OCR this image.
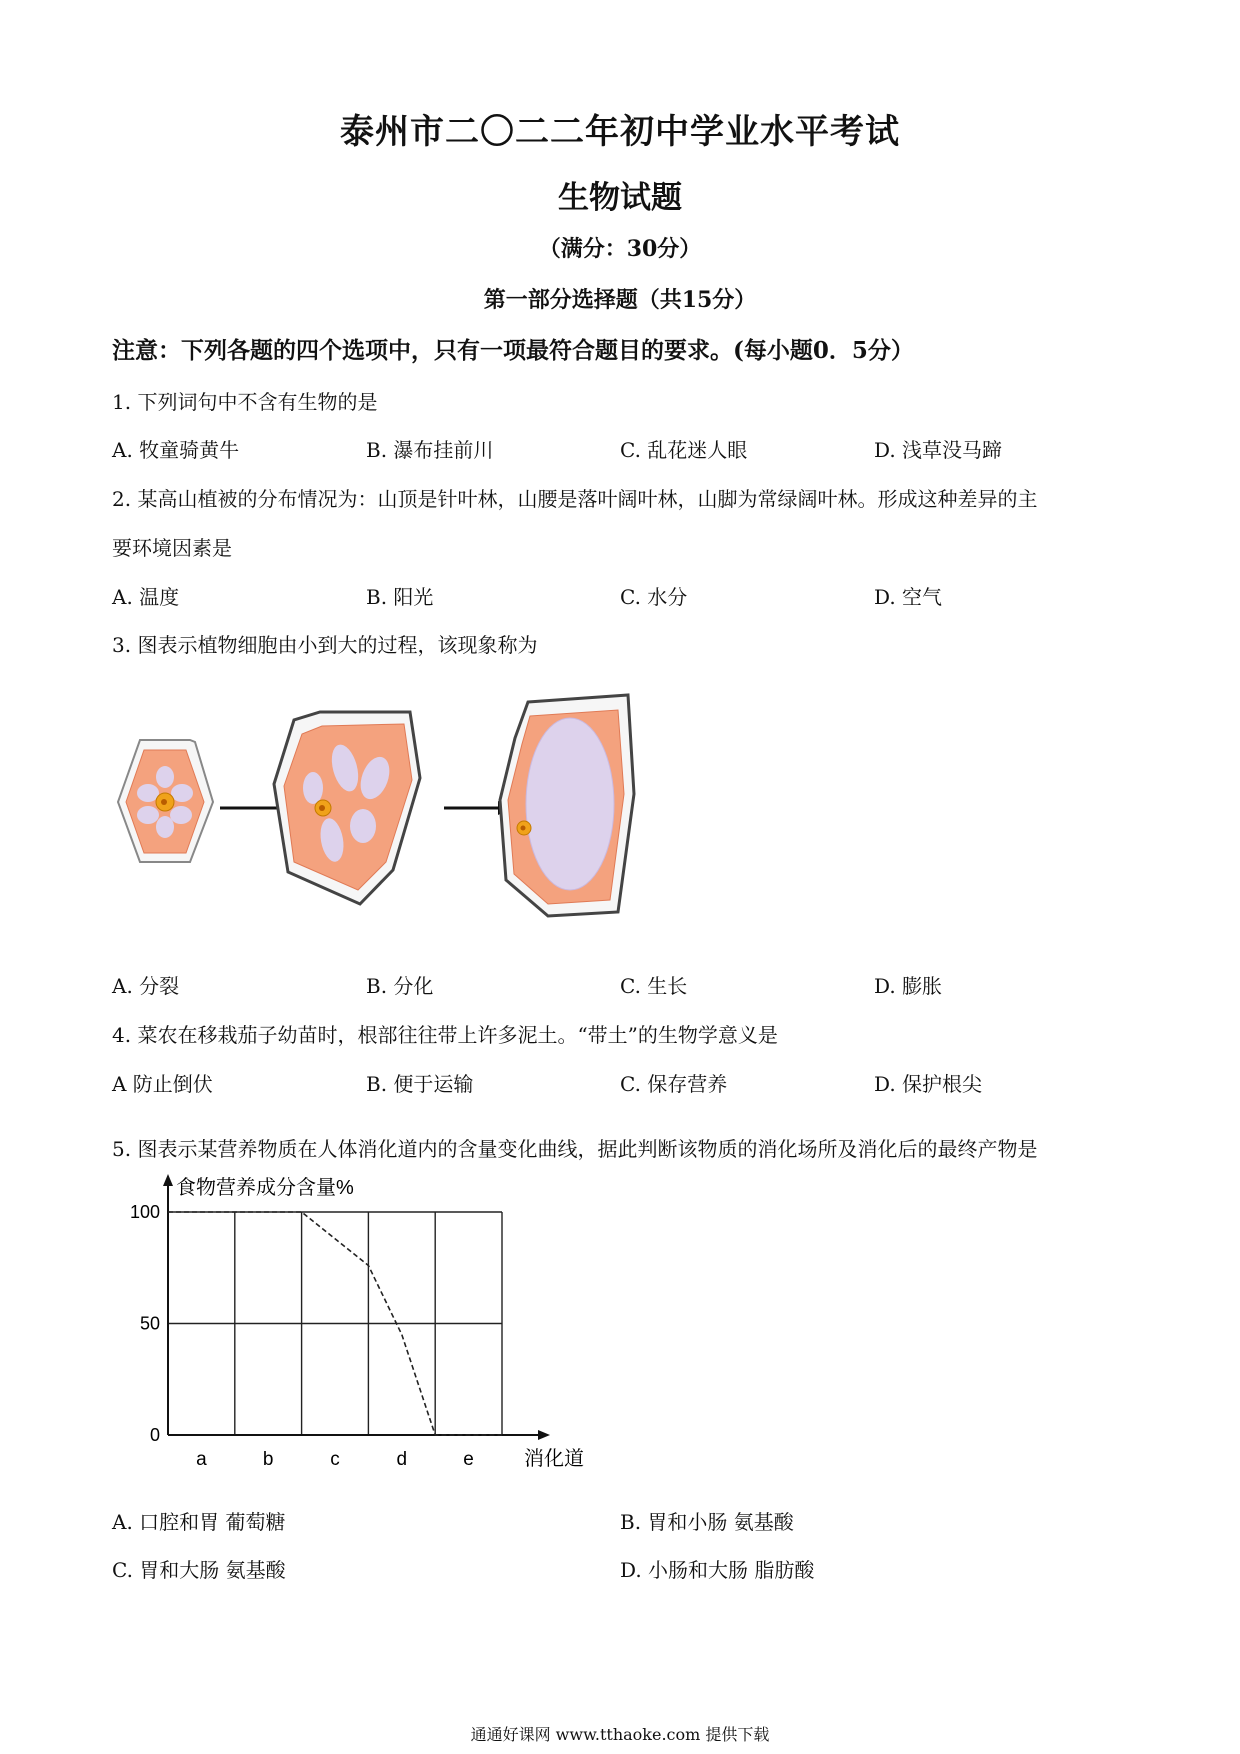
泰州市二〇二二年初中学业水平考试
生物试题
（满分：30分）
第一部分选择题（共15分）
注意：下列各题的四个选项中，只有一项最符合题目的要求。(每小题0．5分）
1. 下列词句中不含有生物的是
A. 牧童骑黄牛	B. 瀑布挂前川	C. 乱花迷人眼	D. 浅草没马蹄
2. 某高山植被的分布情况为：山顶是针叶林，山腰是落叶阔叶林，山脚为常绿阔叶林。形成这种差异的主
要环境因素是
A. 温度	B. 阳光	C. 水分	D. 空气
3. 图表示植物细胞由小到大的过程，该现象称为
A. 分裂	B. 分化	C. 生长	D. 膨胀
4. 菜农在移栽茄子幼苗时，根部往往带上许多泥土。“带土”的生物学意义是
A 防止倒伏	B. 便于运输	C. 保存营养	D. 保护根尖
5. 图表示某营养物质在人体消化道内的含量变化曲线，据此判断该物质的消化场所及消化后的最终产物是
食物营养成分含量%
消化道
100
50
0
a	b	c	d	e
A. 口腔和胃 葡萄糖	B. 胃和小肠 氨基酸
C. 胃和大肠 氨基酸	D. 小肠和大肠 脂肪酸
通通好课网 www.tthaoke.com 提供下载
